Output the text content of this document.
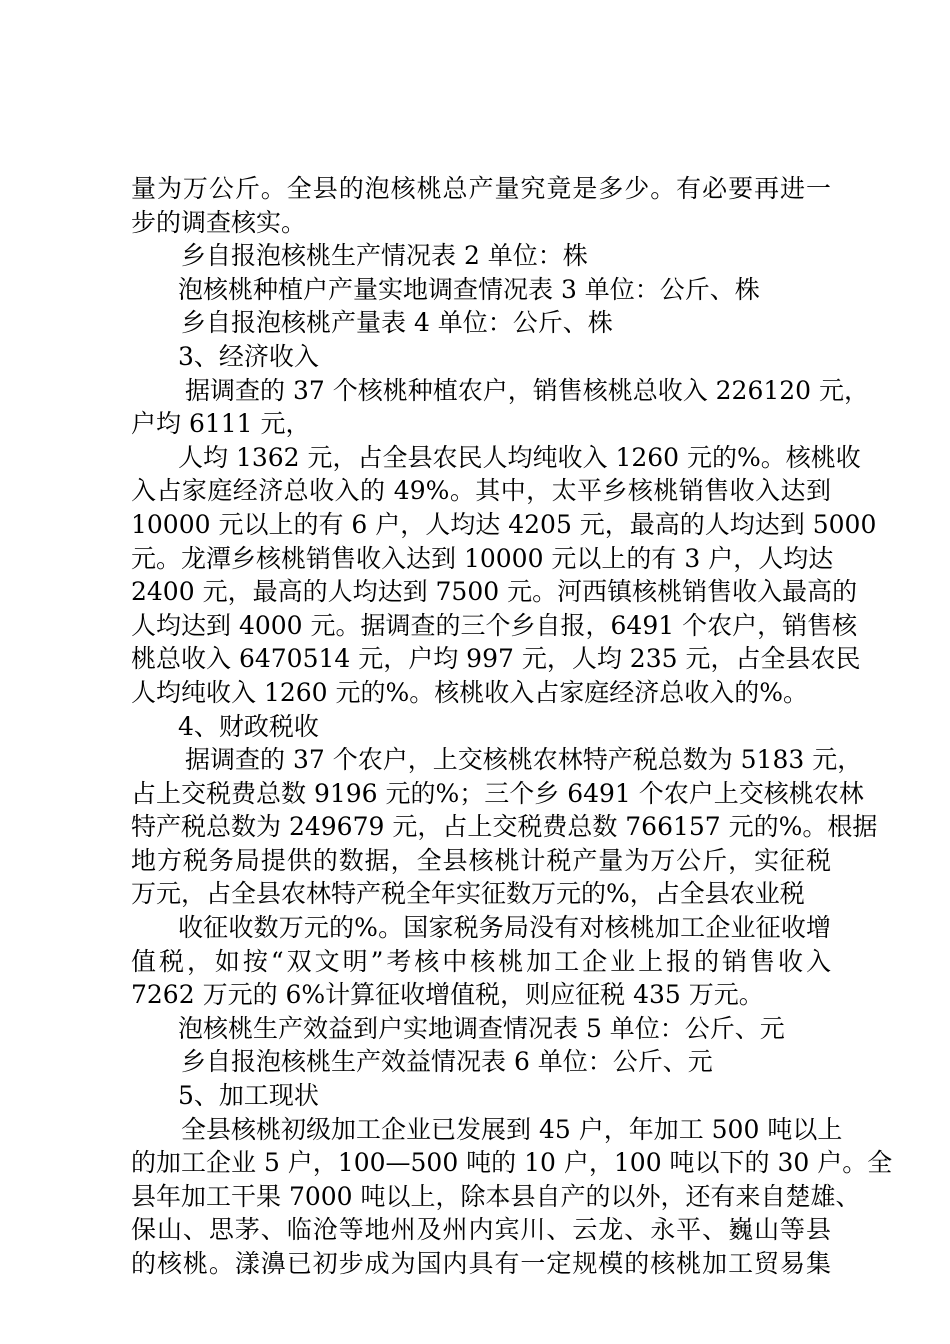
量为万公斤。全县的泡核桃总产量究竟是多少。有必要再进一
步的调查核实。
乡自报泡核桃生产情况表 2 单位：株
泡核桃种植户产量实地调查情况表 3 单位：公斤、株
乡自报泡核桃产量表 4 单位：公斤、株
3、经济收入
据调查的 37 个核桃种植农户，销售核桃总收入 226120 元，
户均 6111 元，
人均 1362 元，占全县农民人均纯收入 1260 元的%。核桃收
入占家庭经济总收入的 49%。其中，太平乡核桃销售收入达到
10000 元以上的有 6 户，人均达 4205 元，最高的人均达到 5000
元。龙潭乡核桃销售收入达到 10000 元以上的有 3 户，人均达
2400 元，最高的人均达到 7500 元。河西镇核桃销售收入最高的
人均达到 4000 元。据调查的三个乡自报，6491 个农户，销售核
桃总收入 6470514 元，户均 997 元，人均 235 元，占全县农民
人均纯收入 1260 元的%。核桃收入占家庭经济总收入的%。
4、财政税收
据调查的 37 个农户，上交核桃农林特产税总数为 5183 元，
占上交税费总数 9196 元的%；三个乡 6491 个农户上交核桃农林
特产税总数为 249679 元，占上交税费总数 766157 元的%。根据
地方税务局提供的数据，全县核桃计税产量为万公斤，实征税
万元，占全县农林特产税全年实征数万元的%，占全县农业税
收征收数万元的%。国家税务局没有对核桃加工企业征收增
值税，如按“双文明”考核中核桃加工企业上报的销售收入
7262 万元的 6%计算征收增值税，则应征税 435 万元。
泡核桃生产效益到户实地调查情况表 5 单位：公斤、元
乡自报泡核桃生产效益情况表 6 单位：公斤、元
5、加工现状
全县核桃初级加工企业已发展到 45 户，年加工 500 吨以上
的加工企业 5 户，100—500 吨的 10 户，100 吨以下的 30 户。全
县年加工干果 7000 吨以上，除本县自产的以外，还有来自楚雄、
保山、思茅、临沧等地州及州内宾川、云龙、永平、巍山等县
的核桃。漾濞已初步成为国内具有一定规模的核桃加工贸易集
